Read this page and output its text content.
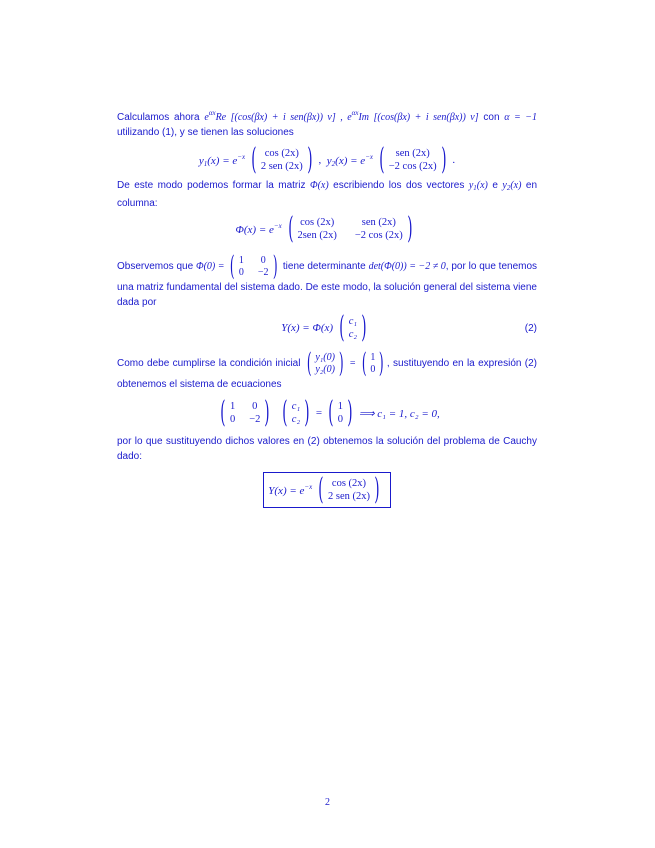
Calculamos ahora $e^{\alpha x}Re$ [(cos(βx) + i sen(βx)) v] , $e^{\alpha x}Im$ [(cos(βx) + i sen(βx)) v] con α = −1 utilizando (1), y se tienen las soluciones
$y_1(x) = e^{-x}$ ( cos (2x)
2 sen (2x) ) , $y_2(x) = e^{-x}$ (	sen (2x)
−2 cos (2x) ) .
De este modo podemos formar la matriz Φ(x) escribiendo los dos vectores $y_1(x)$ e $y_2(x)$ en columna:
$\Phi(x) = e^{-x}$ ( cos (2x)	sen (2x)
2sen (2x) −2 cos (2x) )
Observemos que Φ(0) = ( 1 0
0 −2 ) tiene determinante det(Φ(0)) = −2 ≠ 0, por lo que tenemos una matriz fundamental del sistema dado. De este modo, la solución general del sistema viene dada por
Y(x) = Φ(x) ( c₁
c₂ )	(2)
Como debe cumplirse la condición inicial ( y₁(0)
y₂(0) ) = ( 1
0 ) , sustituyendo en la expresión (2) obtenemos el sistema de ecuaciones
( 1 0
0 −2 ) ( c₁
c₂ ) = ( 1
0 ) ⟹ c₁ = 1, c₂ = 0,
por lo que sustituyendo dichos valores en (2) obtenemos la solución del problema de Cauchy dado:
$Y(x) = e^{-x}$ ( cos (2x)
2 sen (2x) )
2
